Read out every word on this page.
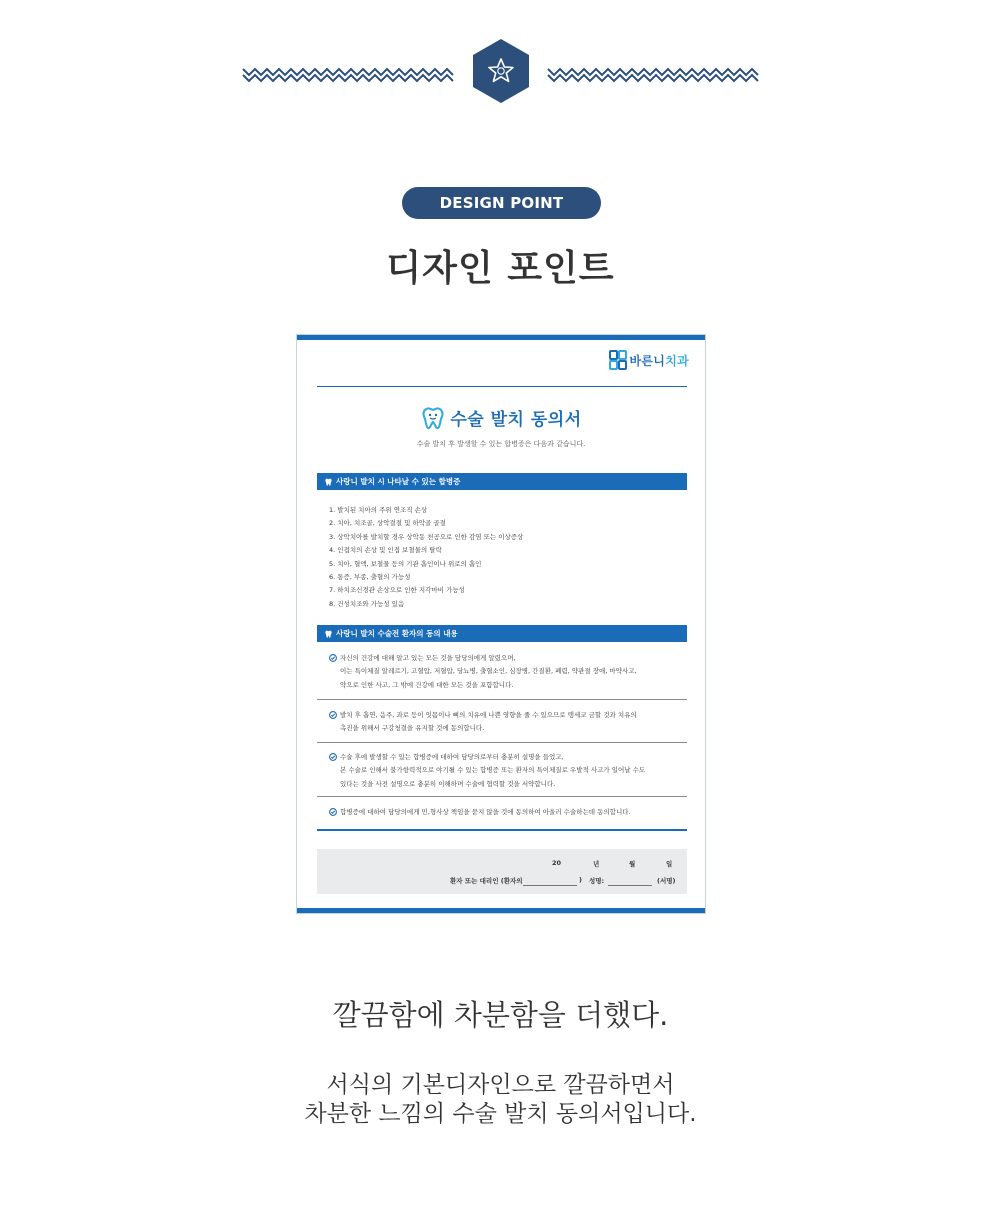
DESIGN POINT
디자인 포인트
바른니치과
수술 발치 동의서
수술 발치 후 발생할 수 있는 합병증은 다음과 같습니다.
사랑니 발치 시 나타날 수 있는 합병증
1. 발치된 치아의 주위 연조직 손상
2. 치아, 치조골, 상악결절 및 하악골 골절
3. 상악치아를 발치할 경우 상악동 천공으로 인한 감염 또는 이상증상
4. 인접치의 손상 및 인접 보철물의 탈락
5. 치아, 혈액, 보철물 등의 기관 흡인이나 위로의 흡인
6. 통증, 부종, 출혈의 가능성
7. 하치조신경관 손상으로 인한 지각마비 가능성
8. 건성치조와 가능성 있음
사랑니 발치 수술전 환자의 동의 내용
자신의 건강에 대해 알고 있는 모든 것을 담당의에게 알렸으며,
이는 특이체질 알레르기, 고혈압, 저혈압, 당뇨병, 출혈소인, 심장병, 간질환, 폐렴, 약관절 장애, 마약사고,
약으로 인한 사고, 그 밖에 건강에 대한 모든 것을 포함합니다.
발치 후 흡연, 음주, 과로 등이 잇몸이나 뼈의 치유에 나쁜 영향을 줄 수 있으므로 탱세코 금할 것과 치유의
촉진을 위해서 구강청결을 유지할 것에 동의합니다.
수술 후에 발생할 수 있는 합병증에 대하여 담당의로부터 충분히 설명을 들었고,
본 수술로 인해서 불가항력적으로 야기될 수 있는 합병증 또는 환자의 특이체질로 우발적 사고가 일어날 수도
있다는 것을 사전 설명으로 충분히 이해하며 수술에 협력할 것을 서약합니다.
합병증에 대하여 담당의에게 민,형사상 책임을 묻지 않을 것에 동의하여 아울러 수술하는데 동의합니다.
20	년	월	일
환자 또는 대리인 (환자의	) 성명:	(서명)
깔끔함에 차분함을 더했다.
서식의 기본디자인으로 깔끔하면서
차분한 느낌의 수술 발치 동의서입니다.
